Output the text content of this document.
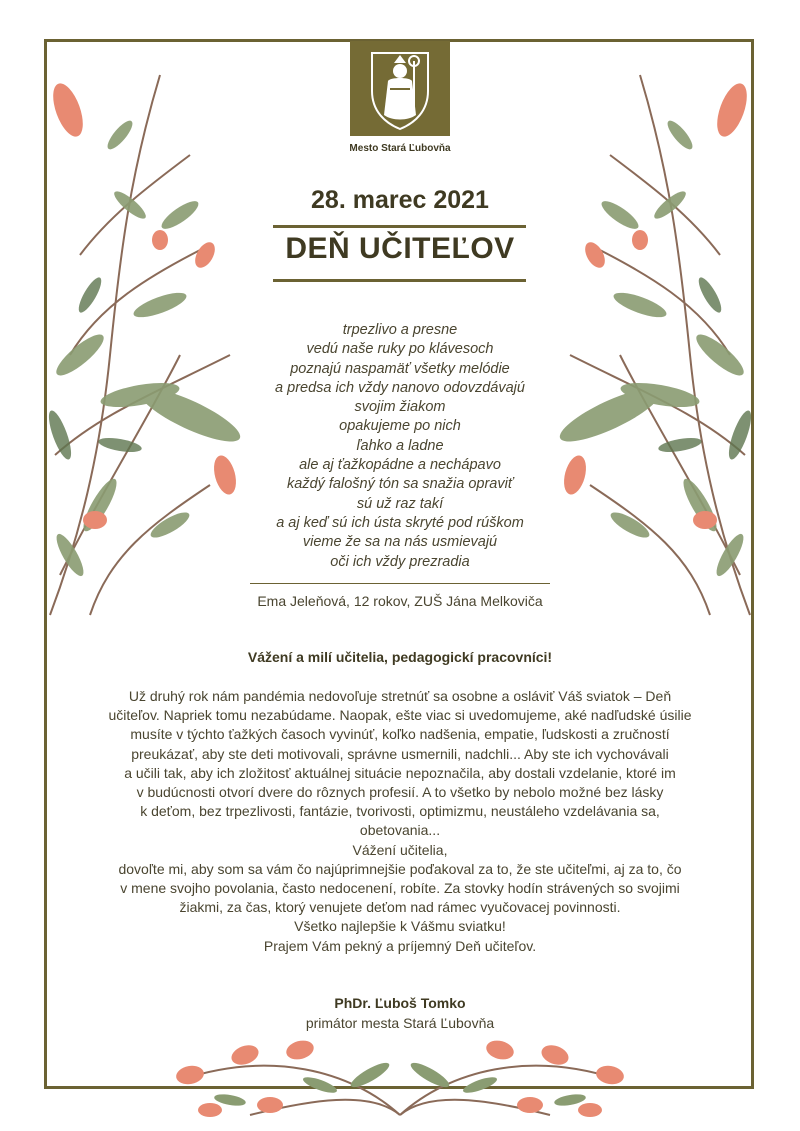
Mesto Stará Ľubovňa
28. marec 2021
DEŇ UČITEĽOV
trpezlivo a presne
vedú naše ruky po klávesoch
poznajú naspamäť všetky melódie
a predsa ich vždy nanovo odovzdávajú
svojim žiakom
opakujeme po nich
ľahko a ladne
ale aj ťažkopádne a nechápavo
každý falošný tón sa snažia opraviť
sú už raz takí
a aj keď sú ich ústa skryté pod rúškom
vieme že sa na nás usmievajú
oči ich vždy prezradia
Ema Jeleňová, 12 rokov, ZUŠ Jána Melkoviča
Vážení a milí učitelia, pedagogickí pracovníci!
Už druhý rok nám pandémia nedovoľuje stretnúť sa osobne a osláviť Váš sviatok – Deň
učiteľov. Napriek tomu nezabúdame. Naopak, ešte viac si uvedomujeme, aké nadľudské úsilie
musíte v týchto ťažkých časoch vyvinúť, koľko nadšenia, empatie, ľudskosti a zručností
preukázať, aby ste deti motivovali, správne usmernili, nadchli... Aby ste ich vychovávali
a učili tak, aby ich zložitosť aktuálnej situácie nepoznačila, aby dostali vzdelanie, ktoré im
v budúcnosti otvorí dvere do rôznych profesií. A to všetko by nebolo možné bez lásky
k deťom, bez trpezlivosti, fantázie, tvorivosti, optimizmu, neustáleho vzdelávania sa,
obetovania...
Vážení učitelia,
dovoľte mi, aby som sa vám čo najúprimnejšie poďakoval za to, že ste učiteľmi, aj za to, čo
v mene svojho povolania, často nedocenení, robíte. Za stovky hodín strávených so svojimi
žiakmi, za čas, ktorý venujete deťom nad rámec vyučovacej povinnosti.
Všetko najlepšie k Vášmu sviatku!
Prajem Vám pekný a príjemný Deň učiteľov.
PhDr. Ľuboš Tomko
primátor mesta Stará Ľubovňa
